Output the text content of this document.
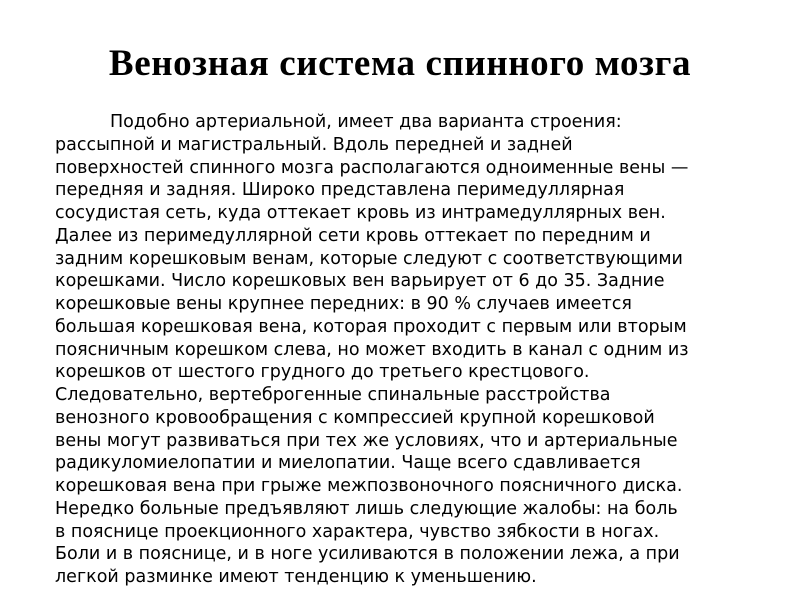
Венозная система спинного мозга
Подобно артериальной, имеет два варианта строения:
рассыпной и магистральный. Вдоль передней и задней
поверхностей спинного мозга располагаются одноименные вены —
передняя и задняя. Широко представлена перимедуллярная
сосудистая сеть, куда оттекает кровь из интрамедуллярных вен.
Далее из перимедуллярной сети кровь оттекает по передним и
задним корешковым венам, которые следуют с соответствующими
корешками. Число корешковых вен варьирует от 6 до 35. Задние
корешковые вены крупнее передних: в 90 % случаев имеется
большая корешковая вена, которая проходит с первым или вторым
поясничным корешком слева, но может входить в канал с одним из
корешков от шестого грудного до третьего крестцового.
Следовательно, вертеброгенные спинальные расстройства
венозного кровообращения с компрессией крупной корешковой
вены могут развиваться при тех же условиях, что и артериальные
радикуломиелопатии и миелопатии. Чаще всего сдавливается
корешковая вена при грыже межпозвоночного поясничного диска.
Нередко больные предъявляют лишь следующие жалобы: на боль
в пояснице проекционного характера, чувство зябкости в ногах.
Боли и в пояснице, и в ноге усиливаются в положении лежа, а при
легкой разминке имеют тенденцию к уменьшению.
